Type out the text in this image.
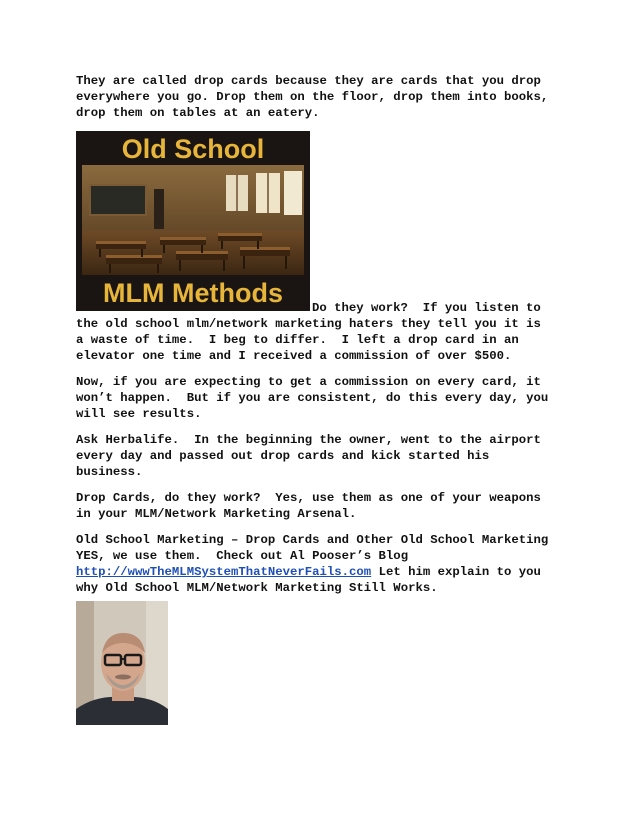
They are called drop cards because they are cards that you drop
everywhere you go. Drop them on the floor, drop them into books,
drop them on tables at an eatery.
Old School
MLM Methods	Do they work?  If you listen to
the old school mlm/network marketing haters they tell you it is
a waste of time.  I beg to differ.  I left a drop card in an
elevator one time and I received a commission of over $500.
Now, if you are expecting to get a commission on every card, it
won’t happen.  But if you are consistent, do this every day, you
will see results.
Ask Herbalife.  In the beginning the owner, went to the airport
every day and passed out drop cards and kick started his
business.
Drop Cards, do they work?  Yes, use them as one of your weapons
in your MLM/Network Marketing Arsenal.
Old School Marketing – Drop Cards and Other Old School Marketing
YES, we use them.  Check out Al Pooser’s Blog
http://wwwTheMLMSystemThatNeverFails.com Let him explain to you
why Old School MLM/Network Marketing Still Works.
